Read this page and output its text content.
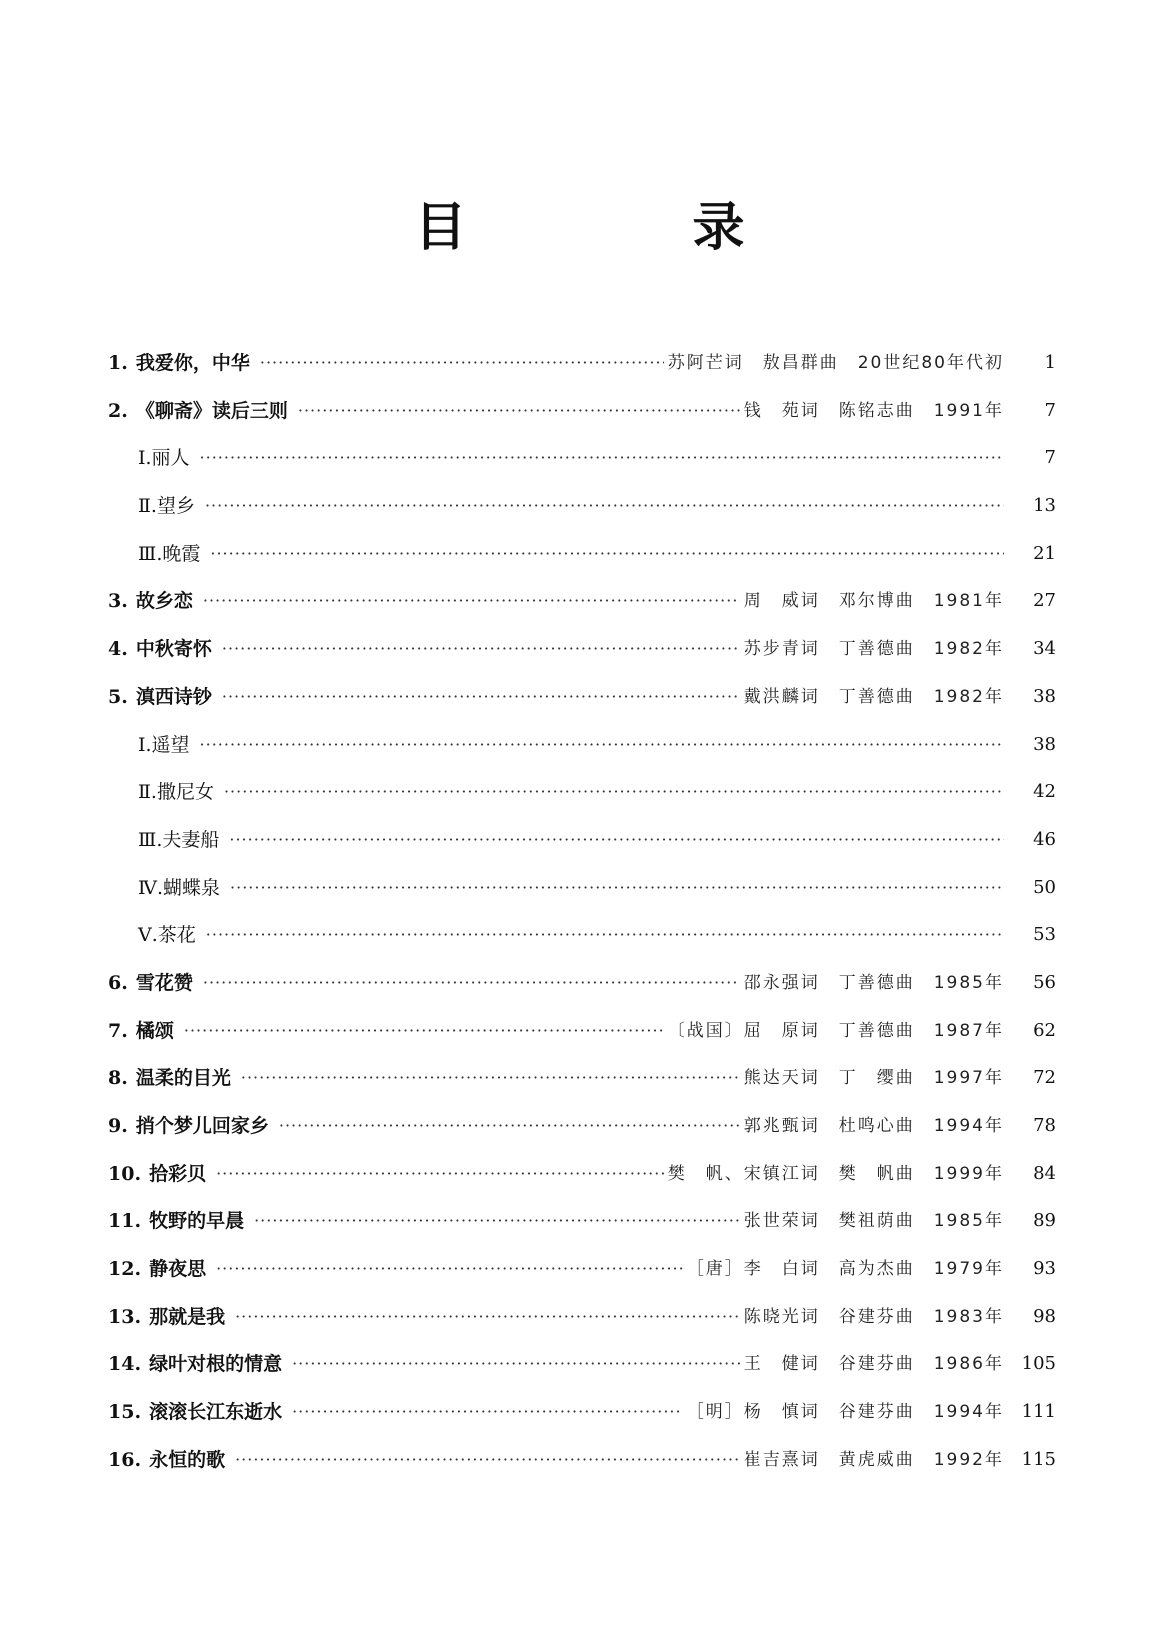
目 录
1. 我爱你，中华 ·····	苏阿芒词　敖昌群曲　20世纪80年代初	1
2. 《聊斋》读后三则 ·····	钱　苑词　陈铭志曲　1991年	7
Ⅰ.丽人 ·····	7
Ⅱ.望乡 ·····	13
Ⅲ.晚霞 ·····	21
3. 故乡恋 ·····	周　威词　邓尔博曲　1981年	27
4. 中秋寄怀 ·····	苏步青词　丁善德曲　1982年	34
5. 滇西诗钞 ·····	戴洪麟词　丁善德曲　1982年	38
Ⅰ.遥望 ·····	38
Ⅱ.撒尼女 ·····	42
Ⅲ.夫妻船 ·····	46
Ⅳ.蝴蝶泉 ·····	50
Ⅴ.茶花 ·····	53
6. 雪花赞 ·····	邵永强词　丁善德曲　1985年	56
7. 橘颂 ·····	〔战国〕屈　原词　丁善德曲　1987年	62
8. 温柔的目光 ·····	熊达天词　丁　缨曲　1997年	72
9. 捎个梦儿回家乡 ·····	郭兆甄词　杜鸣心曲　1994年	78
10. 拾彩贝 ·····	樊　帆、宋镇江词　樊　帆曲　1999年	84
11. 牧野的早晨 ·····	张世荣词　樊祖荫曲　1985年	89
12. 静夜思 ·····	［唐］李　白词　高为杰曲　1979年	93
13. 那就是我 ·····	陈晓光词　谷建芬曲　1983年	98
14. 绿叶对根的情意 ·····	王　健词　谷建芬曲　1986年 105
15. 滚滚长江东逝水 ·····	［明］杨　慎词　谷建芬曲　1994年 111
16. 永恒的歌 ·····	崔吉熹词　黄虎威曲　1992年 115
